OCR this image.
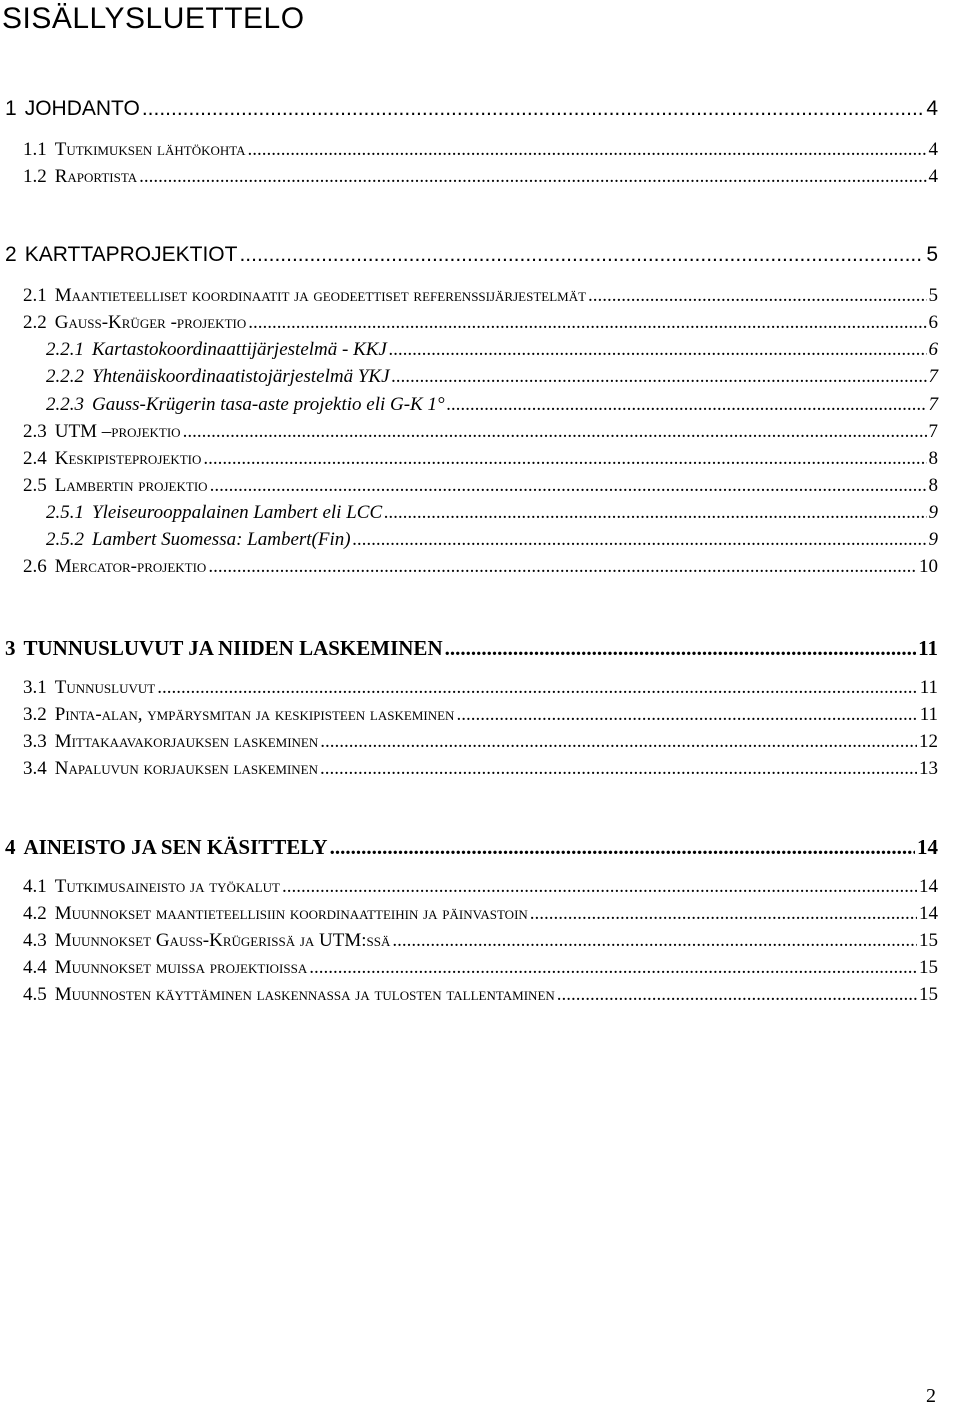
SISÄLLYSLUETTELO
1 JOHDANTO .....	4
1.1 Tutkimuksen lähtökohta .....	4
1.2 Raportista .....	4
2 KARTTAPROJEKTIOT .....	5
2.1 Maantieteelliset koordinaatit ja geodeettiset referenssijärjestelmät .....	5
2.2 Gauss-Krüger -projektio .....	6
2.2.1 Kartastokoordinaattijärjestelmä - KKJ .....	6
2.2.2 Yhtenäiskoordinaatistojärjestelmä YKJ .....	7
2.2.3 Gauss-Krügerin tasa-aste projektio eli G-K 1° .....	7
2.3 UTM –projektio .....	7
2.4 Keskipisteprojektio .....	8
2.5 Lambertin projektio .....	8
2.5.1 Yleiseurooppalainen Lambert eli LCC .....	9
2.5.2 Lambert Suomessa: Lambert(Fin) .....	9
2.6 Mercator-projektio .....	10
3 TUNNUSLUVUT JA NIIDEN LASKEMINEN .....	11
3.1 Tunnusluvut .....	11
3.2 Pinta-alan, ympärysmitan ja keskipisteen laskeminen .....	11
3.3 Mittakaavakorjauksen laskeminen .....	12
3.4 Napaluvun korjauksen laskeminen .....	13
4 AINEISTO JA SEN KÄSITTELY .....	14
4.1 Tutkimusaineisto ja työkalut .....	14
4.2 Muunnokset maantieteellisiin koordinaatteihin ja päinvastoin .....	14
4.3 Muunnokset Gauss-Krügerissä ja UTM:ssä .....	15
4.4 Muunnokset muissa projektioissa .....	15
4.5 Muunnosten käyttäminen laskennassa ja tulosten tallentaminen .....	15
2
